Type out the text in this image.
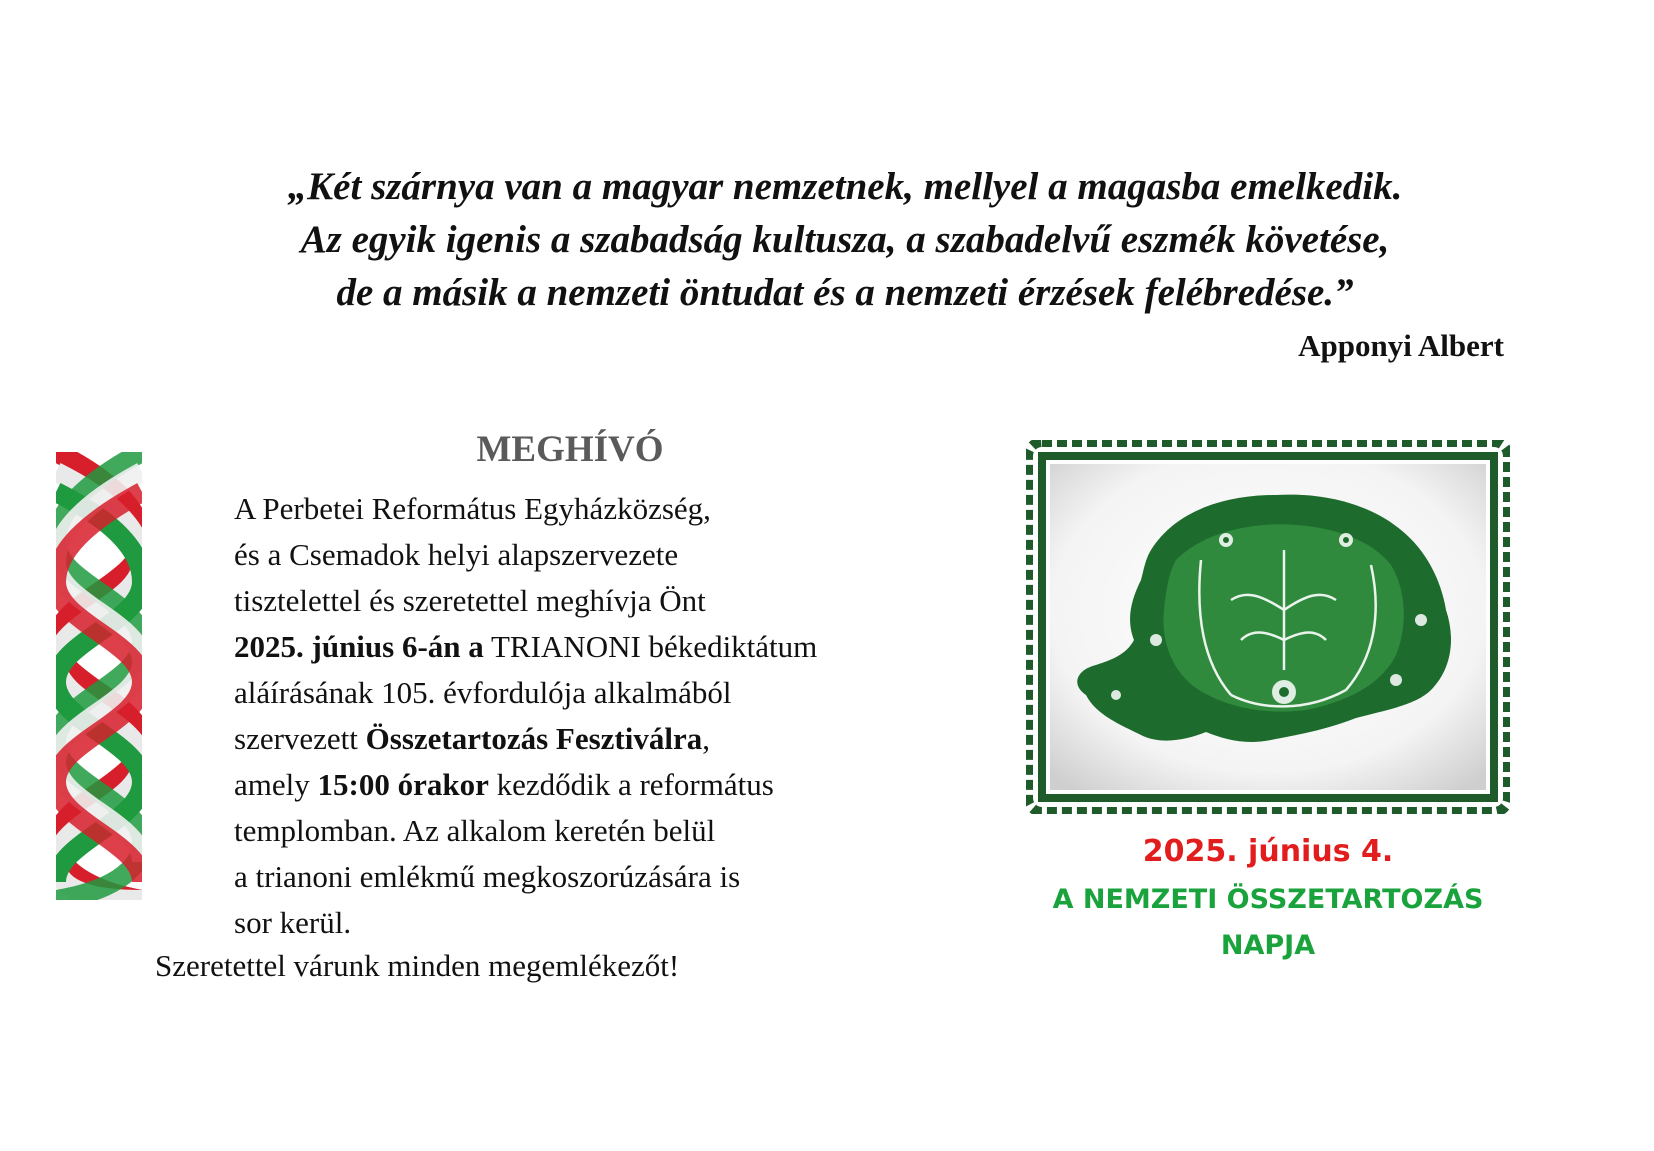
„Két szárnya van a magyar nemzetnek, mellyel a magasba emelkedik.
Az egyik igenis a szabadság kultusza, a szabadelvű eszmék követése,
de a másik a nemzeti öntudat és a nemzeti érzések felébredése.”
Apponyi Albert
MEGHÍVÓ
A Perbetei Református Egyházközség,
és a Csemadok helyi alapszervezete
tisztelettel és szeretettel meghívja Önt
2025. június 6-án a TRIANONI békediktátum
aláírásának 105. évfordulója alkalmából
szervezett Összetartozás Fesztiválra,
amely 15:00 órakor kezdődik a református
templomban. Az alkalom keretén belül
a trianoni emlékmű megkoszorúzására is
sor kerül.
Szeretettel várunk minden megemlékezőt!
2025. június 4.
A NEMZETI ÖSSZETARTOZÁS
NAPJA
